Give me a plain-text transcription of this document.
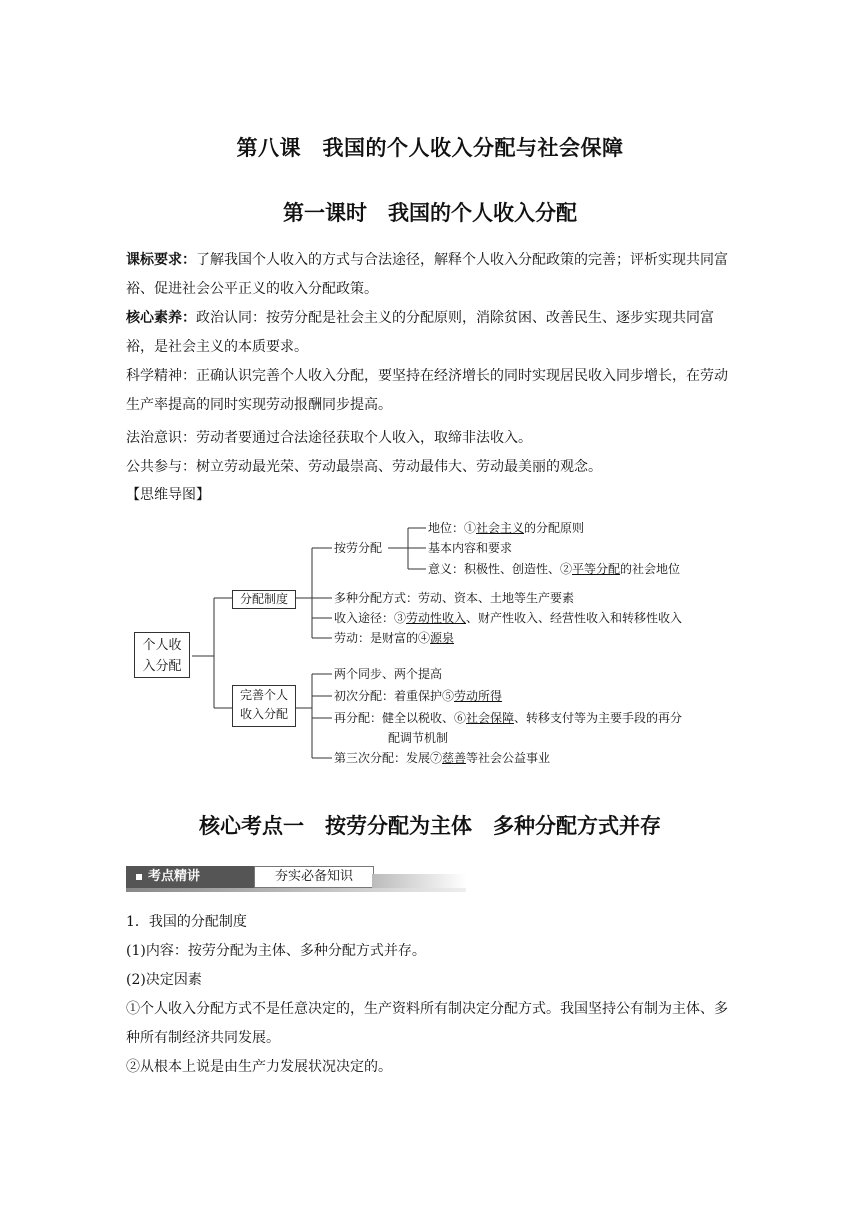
第八课　我国的个人收入分配与社会保障
第一课时　我国的个人收入分配
课标要求：了解我国个人收入的方式与合法途径，解释个人收入分配政策的完善；评析实现共同富裕、促进社会公平正义的收入分配政策。
核心素养：政治认同：按劳分配是社会主义的分配原则，消除贫困、改善民生、逐步实现共同富裕，是社会主义的本质要求。
科学精神：正确认识完善个人收入分配，要坚持在经济增长的同时实现居民收入同步增长，在劳动生产率提高的同时实现劳动报酬同步提高。
法治意识：劳动者要通过合法途径获取个人收入，取缔非法收入。
公共参与：树立劳动最光荣、劳动最崇高、劳动最伟大、劳动最美丽的观念。
【思维导图】
个人收
入分配
分配制度
完善个人
收入分配
按劳分配
地位：①社会主义的分配原则
基本内容和要求
意义：积极性、创造性、②平等分配的社会地位
多种分配方式：劳动、资本、土地等生产要素
收入途径：③劳动性收入、财产性收入、经营性收入和转移性收入
劳动：是财富的④源泉
两个同步、两个提高
初次分配：着重保护⑤劳动所得
再分配：健全以税收、⑥社会保障、转移支付等为主要手段的再分
配调节机制
第三次分配：发展⑦慈善等社会公益事业
核心考点一　按劳分配为主体　多种分配方式并存
考点精讲	夯实必备知识
1．我国的分配制度
(1)内容：按劳分配为主体、多种分配方式并存。
(2)决定因素
①个人收入分配方式不是任意决定的，生产资料所有制决定分配方式。我国坚持公有制为主体、多种所有制经济共同发展。
②从根本上说是由生产力发展状况决定的。
